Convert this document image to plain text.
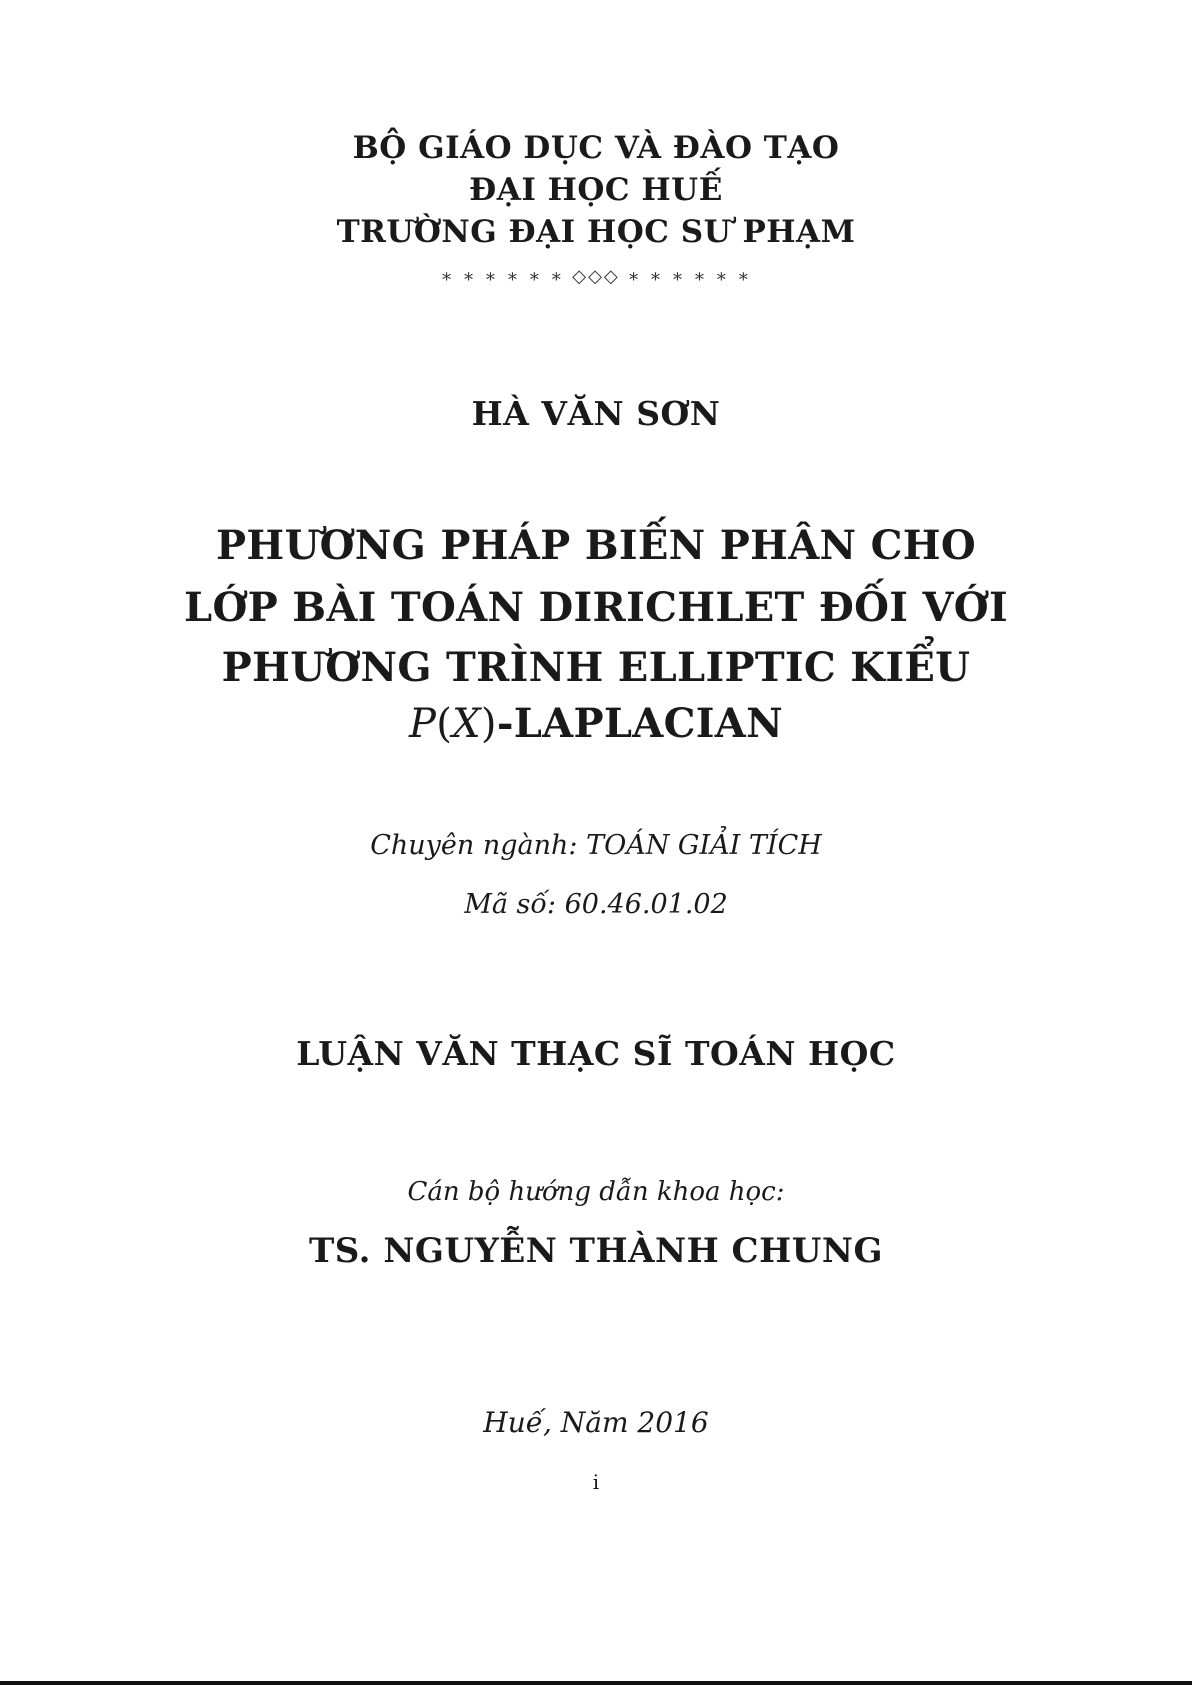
BỘ GIÁO DỤC VÀ ĐÀO TẠO
ĐẠI HỌC HUẾ
TRƯỜNG ĐẠI HỌC SƯ PHẠM
∗ ∗ ∗ ∗ ∗ ∗ ◇◇◇ ∗ ∗ ∗ ∗ ∗ ∗
HÀ VĂN SƠN
PHƯƠNG PHÁP BIẾN PHÂN CHO
LỚP BÀI TOÁN DIRICHLET ĐỐI VỚI
PHƯƠNG TRÌNH ELLIPTIC KIỂU
P(X)-LAPLACIAN
Chuyên ngành: TOÁN GIẢI TÍCH
Mã số: 60.46.01.02
LUẬN VĂN THẠC SĨ TOÁN HỌC
Cán bộ hướng dẫn khoa học:
TS. NGUYỄN THÀNH CHUNG
Huế, Năm 2016
i
